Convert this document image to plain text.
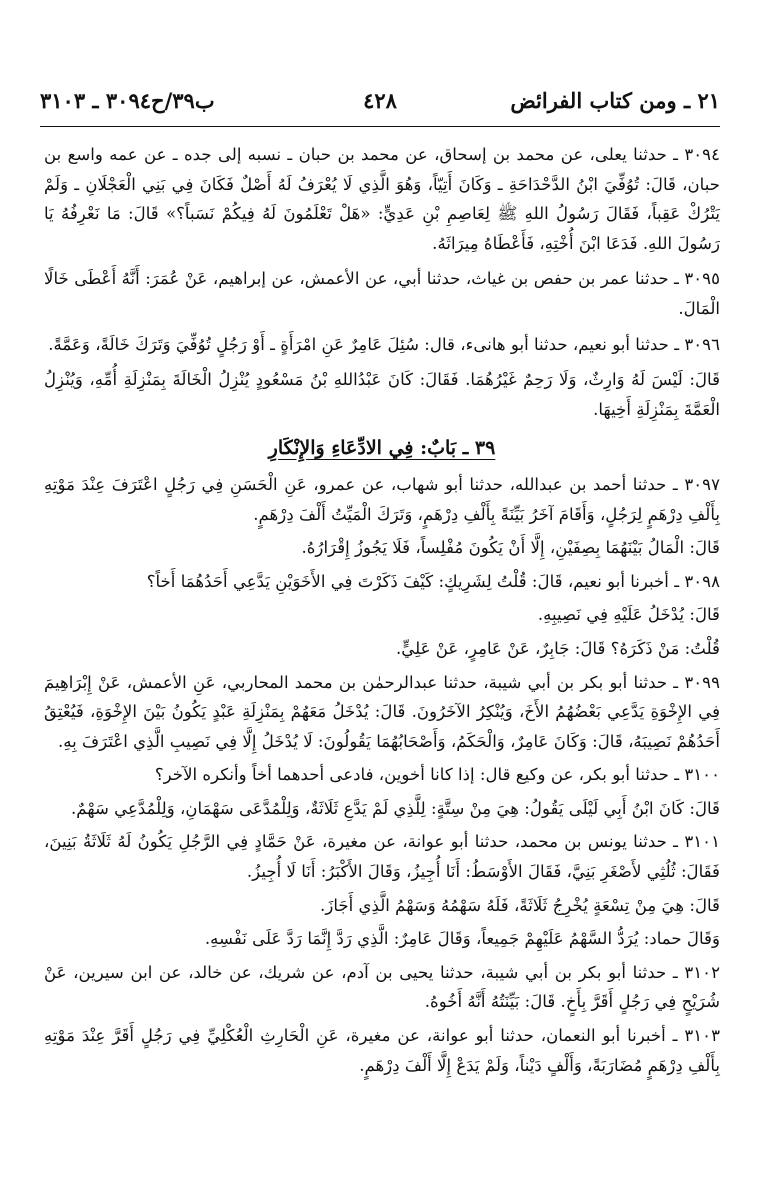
ب٣٩/ح٣٠٩٤ ـ ٣١٠٣	٤٢٨	٢١ ـ ومن كتاب الفرائض

٣٠٩٤ ـ حدثنا يعلى، عن محمد بن إسحاق، عن محمد بن حبان ـ نسبه إلى جده ـ عن عمه واسع بن حبان، قَالَ: تُوُفِّيَ ابْنُ الدَّحْدَاحَةِ ـ وَكَانَ أَتِيّاً، وَهُوَ الَّذِي لَا يُعْرَفُ لَهُ أَصْلٌ فَكَانَ فِي بَنِي الْعَجْلَانِ ـ وَلَمْ يَتْرُكْ عَقِباً، فَقَالَ رَسُولُ اللهِ ﷺ لِعَاصِمِ بْنِ عَدِيٍّ: «هَلْ تَعْلَمُونَ لَهُ فِيكُمْ نَسَباً؟» قَالَ: مَا نَعْرِفُهُ يَا رَسُولَ اللهِ. فَدَعَا ابْنَ أُخْتِهِ، فَأَعْطَاهُ مِيرَاثَهُ.

٣٠٩٥ ـ حدثنا عمر بن حفص بن غياث، حدثنا أبي، عن الأعمش، عن إبراهيم، عَنْ عُمَرَ: أَنَّهُ أَعْطَى خَالًا الْمَالَ.

٣٠٩٦ ـ حدثنا أبو نعيم، حدثنا أبو هانىء، قال: سُئِلَ عَامِرٌ عَنِ امْرَأَةٍ ـ أَوْ رَجُلٍ تُوُفِّيَ وَتَرَكَ خَالَةً، وَعَمَّةً.

قَالَ: لَيْسَ لَهُ وَارِثٌ، وَلَا رَحِمٌ غَيْرُهُمَا. فَقَالَ: كَانَ عَبْدُاللهِ بْنُ مَسْعُودٍ يُنْزِلُ الْخَالَةَ بِمَنْزِلَةِ أُمِّهِ، وَيُنْزِلُ الْعَمَّةَ بِمَنْزِلَةِ أَخِيهَا.

٣٩ ـ بَابٌ: فِي الادِّعَاءِ وَالإِنْكَارِ

٣٠٩٧ ـ حدثنا أحمد بن عبدالله، حدثنا أبو شهاب، عن عمرو، عَنِ الْحَسَنِ فِي رَجُلٍ اعْتَرَفَ عِنْدَ مَوْتِهِ بِأَلْفِ دِرْهَمٍ لِرَجُلٍ، وَأَقَامَ آخَرُ بَيِّنَةً بِأَلْفِ دِرْهَمٍ، وَتَرَكَ الْمَيِّتُ أَلْفَ دِرْهَمٍ.

قَالَ: الْمَالُ بَيْنَهُمَا بِصِفَيْنِ، إِلَّا أَنْ يَكُونَ مُفْلِساً، فَلَا يَجُوزُ إِقْرَارُهُ.

٣٠٩٨ ـ أخبرنا أبو نعيم، قَالَ: قُلْتُ لِشَرِيكٍ: كَيْفَ ذَكَرْتَ فِي الأَخَوَيْنِ يَدَّعِي أَحَدُهُمَا أَخاً؟

قَالَ: يُدْخَلُ عَلَيْهِ فِي نَصِيبِهِ.

قُلْتُ: مَنْ ذَكَرَهُ؟ قَالَ: جَابِرٌ، عَنْ عَامِرٍ، عَنْ عَلِيٍّ.

٣٠٩٩ ـ حدثنا أبو بكر بن أبي شيبة، حدثنا عبدالرحمٰن بن محمد المحاربي، عَنِ الأعمش، عَنْ إِبْرَاهِيمَ فِي الإِخْوَةِ يَدَّعِي بَعْضُهُمُ الأَخَ، وَيُنْكِرُ الآخَرُونَ. قَالَ: يُدْخَلُ مَعَهُمْ بِمَنْزِلَةِ عَبْدٍ يَكُونُ بَيْنَ الإِخْوَةِ، فَيُعْتِقُ أَحَدُهُمْ نَصِيبَهُ، قَالَ: وَكَانَ عَامِرٌ، وَالْحَكَمُ، وَأَصْحَابُهُمَا يَقُولُونَ: لَا يُدْخَلُ إِلَّا فِي نَصِيبِ الَّذِي اعْتَرَفَ بِهِ.

٣١٠٠ ـ حدثنا أبو بكر، عن وكيع قال: إذا كانا أخوين، فادعى أحدهما أخاً وأنكره الآخر؟

قَالَ: كَانَ ابْنُ أَبِي لَيْلَى يَقُولُ: هِيَ مِنْ سِتَّةٍ: لِلَّذِي لَمْ يَدَّعِ ثَلَاثَةٌ، وَلِلْمُدَّعَى سَهْمَانِ، وَلِلْمُدَّعِي سَهْمٌ.

٣١٠١ ـ حدثنا يونس بن محمد، حدثنا أبو عوانة، عن مغيرة، عَنْ حَمَّادٍ فِي الرَّجُلِ يَكُونُ لَهُ ثَلَاثَةُ بَنِينَ، فَقَالَ: ثُلُثِي لأَصْغَرِ بَنِيَّ، فَقَالَ الأَوْسَطُ: أَنَا أُجِيزُ، وَقَالَ الأَكْبَرُ: أَنَا لَا أُجِيزُ.

قَالَ: هِيَ مِنْ تِسْعَةٍ يُخْرِجُ ثَلَاثَةً، فَلَهُ سَهْمُهُ وَسَهْمُ الَّذِي أَجَازَ.

وَقَالَ حماد: يُرَدُّ السَّهْمُ عَلَيْهِمْ جَمِيعاً، وَقَالَ عَامِرٌ: الَّذِي رَدَّ إِنَّمَا رَدَّ عَلَى نَفْسِهِ.

٣١٠٢ ـ حدثنا أبو بكر بن أبي شيبة، حدثنا يحيى بن آدم، عن شريك، عن خالد، عن ابن سيرين، عَنْ شُرَيْحٍ فِي رَجُلٍ أَقَرَّ بِأَخٍ. قَالَ: بَيِّنَتُهُ أَنَّهُ أَخُوهُ.

٣١٠٣ ـ أخبرنا أبو النعمان، حدثنا أبو عوانة، عن مغيرة، عَنِ الْحَارِثِ الْعُكْلِيِّ فِي رَجُلٍ أَقَرَّ عِنْدَ مَوْتِهِ بِأَلْفِ دِرْهَمٍ مُضَارَبَةً، وَأَلْفٍ دَيْناً، وَلَمْ يَدَعْ إِلَّا أَلْفَ دِرْهَمٍ.
